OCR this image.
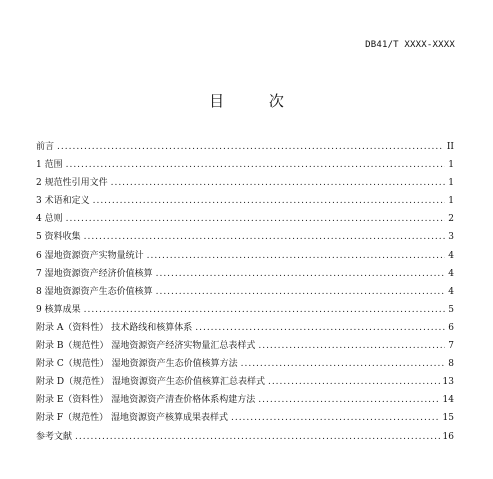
DB41/T XXXX-XXXX
目 次
前言 .....	II
1 范围 .....	1
2 规范性引用文件 .....	1
3 术语和定义 .....	1
4 总则 .....	2
5 资料收集 .....	3
6 湿地资源资产实物量统计 .....	4
7 湿地资源资产经济价值核算 .....	4
8 湿地资源资产生态价值核算 .....	4
9 核算成果 .....	5
附录 A（资料性） 技术路线和核算体系 .....	6
附录 B（规范性） 湿地资源资产经济实物量汇总表样式 .....	7
附录 C（规范性） 湿地资源资产生态价值核算方法 .....	8
附录 D（规范性） 湿地资源资产生态价值核算汇总表样式 .....	13
附录 E（资料性） 湿地资源资产清查价格体系构建方法 .....	14
附录 F（规范性） 湿地资源资产核算成果表样式 .....	15
参考文献 .....	16
